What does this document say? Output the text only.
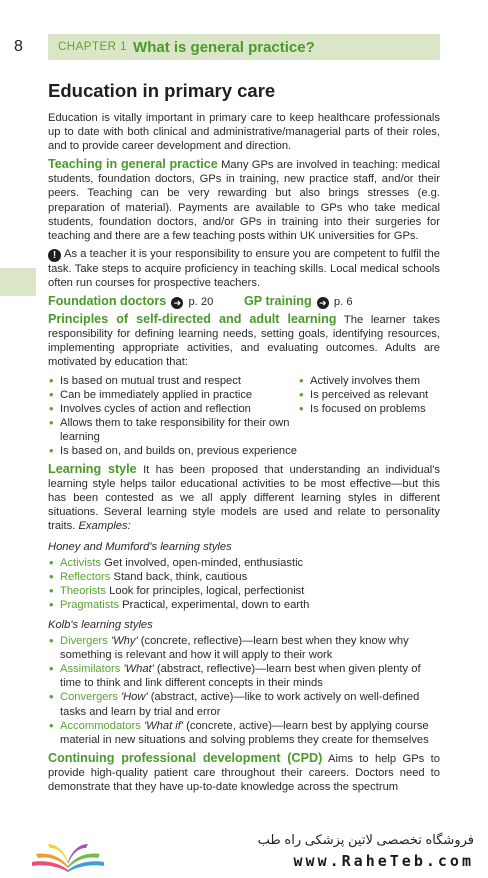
8	CHAPTER 1 What is general practice?
Education in primary care

Education is vitally important in primary care to keep healthcare professionals up to date with both clinical and administrative/managerial parts of their roles, and to provide career development and direction.

Teaching in general practice Many GPs are involved in teaching: medical students, foundation doctors, GPs in training, new practice staff, and/or their peers. Teaching can be very rewarding but also brings stresses (e.g. preparation of material). Payments are available to GPs who take medical students, foundation doctors, and/or GPs in training into their surgeries for teaching and there are a few teaching posts within UK universities for GPs.

! As a teacher it is your responsibility to ensure you are competent to fulfil the task. Take steps to acquire proficiency in teaching skills. Local medical schools often run courses for prospective teachers.

Foundation doctors ➜ p. 20	GP training ➜ p. 6

Principles of self-directed and adult learning The learner takes responsibility for defining learning needs, setting goals, identifying resources, implementing appropriate activities, and evaluating outcomes. Adults are motivated by education that:

• Is based on mutual trust and respect
• Can be immediately applied in practice
• Involves cycles of action and reflection
• Allows them to take responsibility for their own learning
• Is based on, and builds on, previous experience
• Actively involves them
• Is perceived as relevant
• Is focused on problems

Learning style It has been proposed that understanding an individual's learning style helps tailor educational activities to be most effective—but this has been contested as we all apply different learning styles in different situations. Several learning style models are used and relate to personality traits. Examples:

Honey and Mumford's learning styles
• Activists Get involved, open-minded, enthusiastic
• Reflectors Stand back, think, cautious
• Theorists Look for principles, logical, perfectionist
• Pragmatists Practical, experimental, down to earth
Kolb's learning styles
• Divergers 'Why' (concrete, reflective)—learn best when they know why something is relevant and how it will apply to their work
• Assimilators 'What' (abstract, reflective)—learn best when given plenty of time to think and link different concepts in their minds
• Convergers 'How' (abstract, active)—like to work actively on well-defined tasks and learn by trial and error
• Accommodators 'What if' (concrete, active)—learn best by applying course material in new situations and solving problems they create for themselves

Continuing professional development (CPD) Aims to help GPs to provide high-quality patient care throughout their careers. Doctors need to demonstrate that they have up-to-date knowledge across the spectrum

فروشگاه تخصصی لاتین پزشکی راه طب
www.RaheTeb.com
